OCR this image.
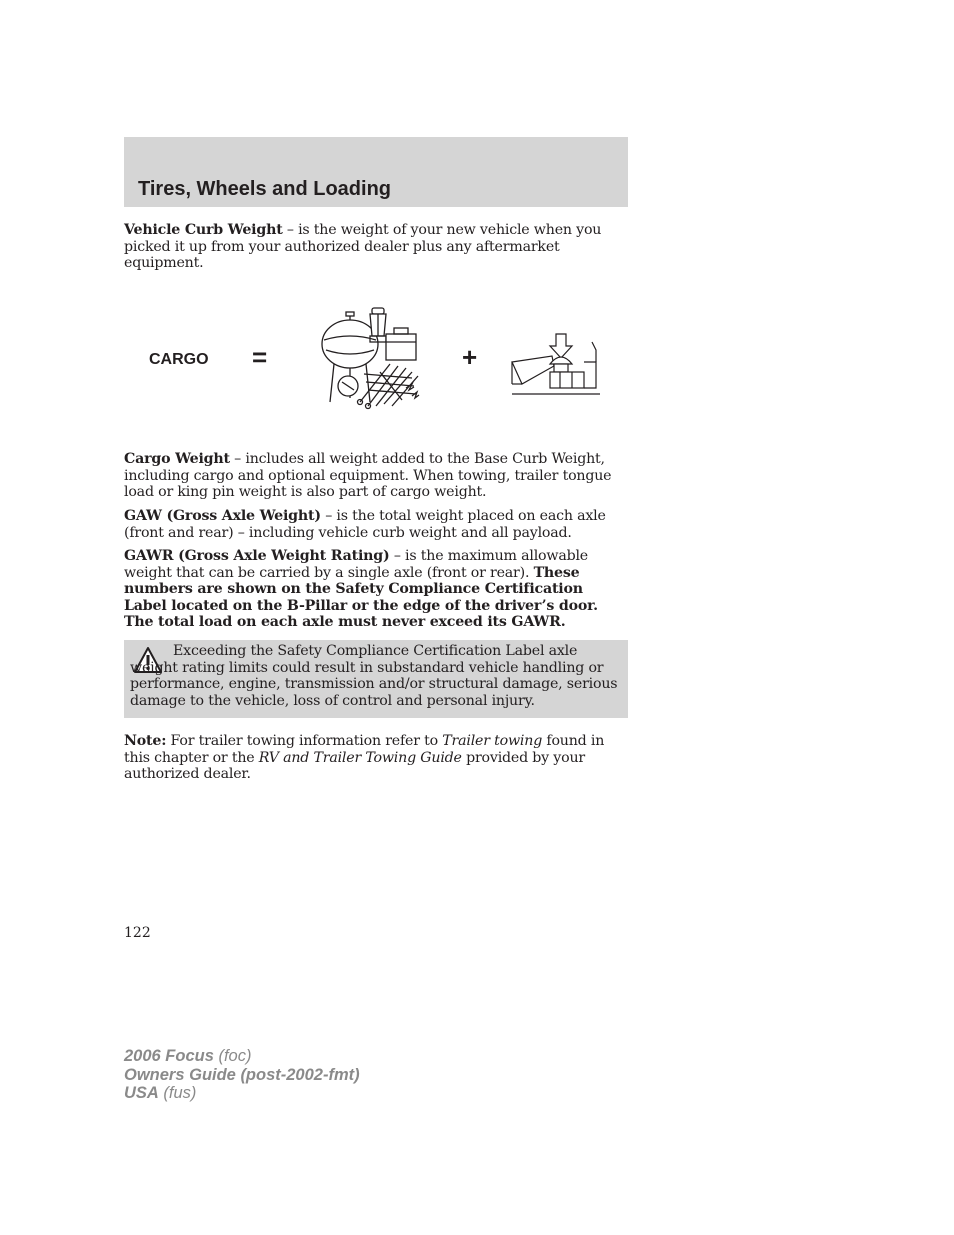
Tires, Wheels and Loading

Vehicle Curb Weight – is the weight of your new vehicle when you picked it up from your authorized dealer plus any aftermarket equipment.

CARGO =	+

Cargo Weight – includes all weight added to the Base Curb Weight, including cargo and optional equipment. When towing, trailer tongue load or king pin weight is also part of cargo weight.

GAW (Gross Axle Weight) – is the total weight placed on each axle (front and rear) – including vehicle curb weight and all payload.

GAWR (Gross Axle Weight Rating) – is the maximum allowable weight that can be carried by a single axle (front or rear). These numbers are shown on the Safety Compliance Certification Label located on the B-Pillar or the edge of the driver’s door. The total load on each axle must never exceed its GAWR.

Exceeding the Safety Compliance Certification Label axle weight rating limits could result in substandard vehicle handling or performance, engine, transmission and/or structural damage, serious damage to the vehicle, loss of control and personal injury.

Note: For trailer towing information refer to Trailer towing found in this chapter or the RV and Trailer Towing Guide provided by your authorized dealer.

122
2006 Focus (foc)
Owners Guide (post-2002-fmt)
USA (fus)
